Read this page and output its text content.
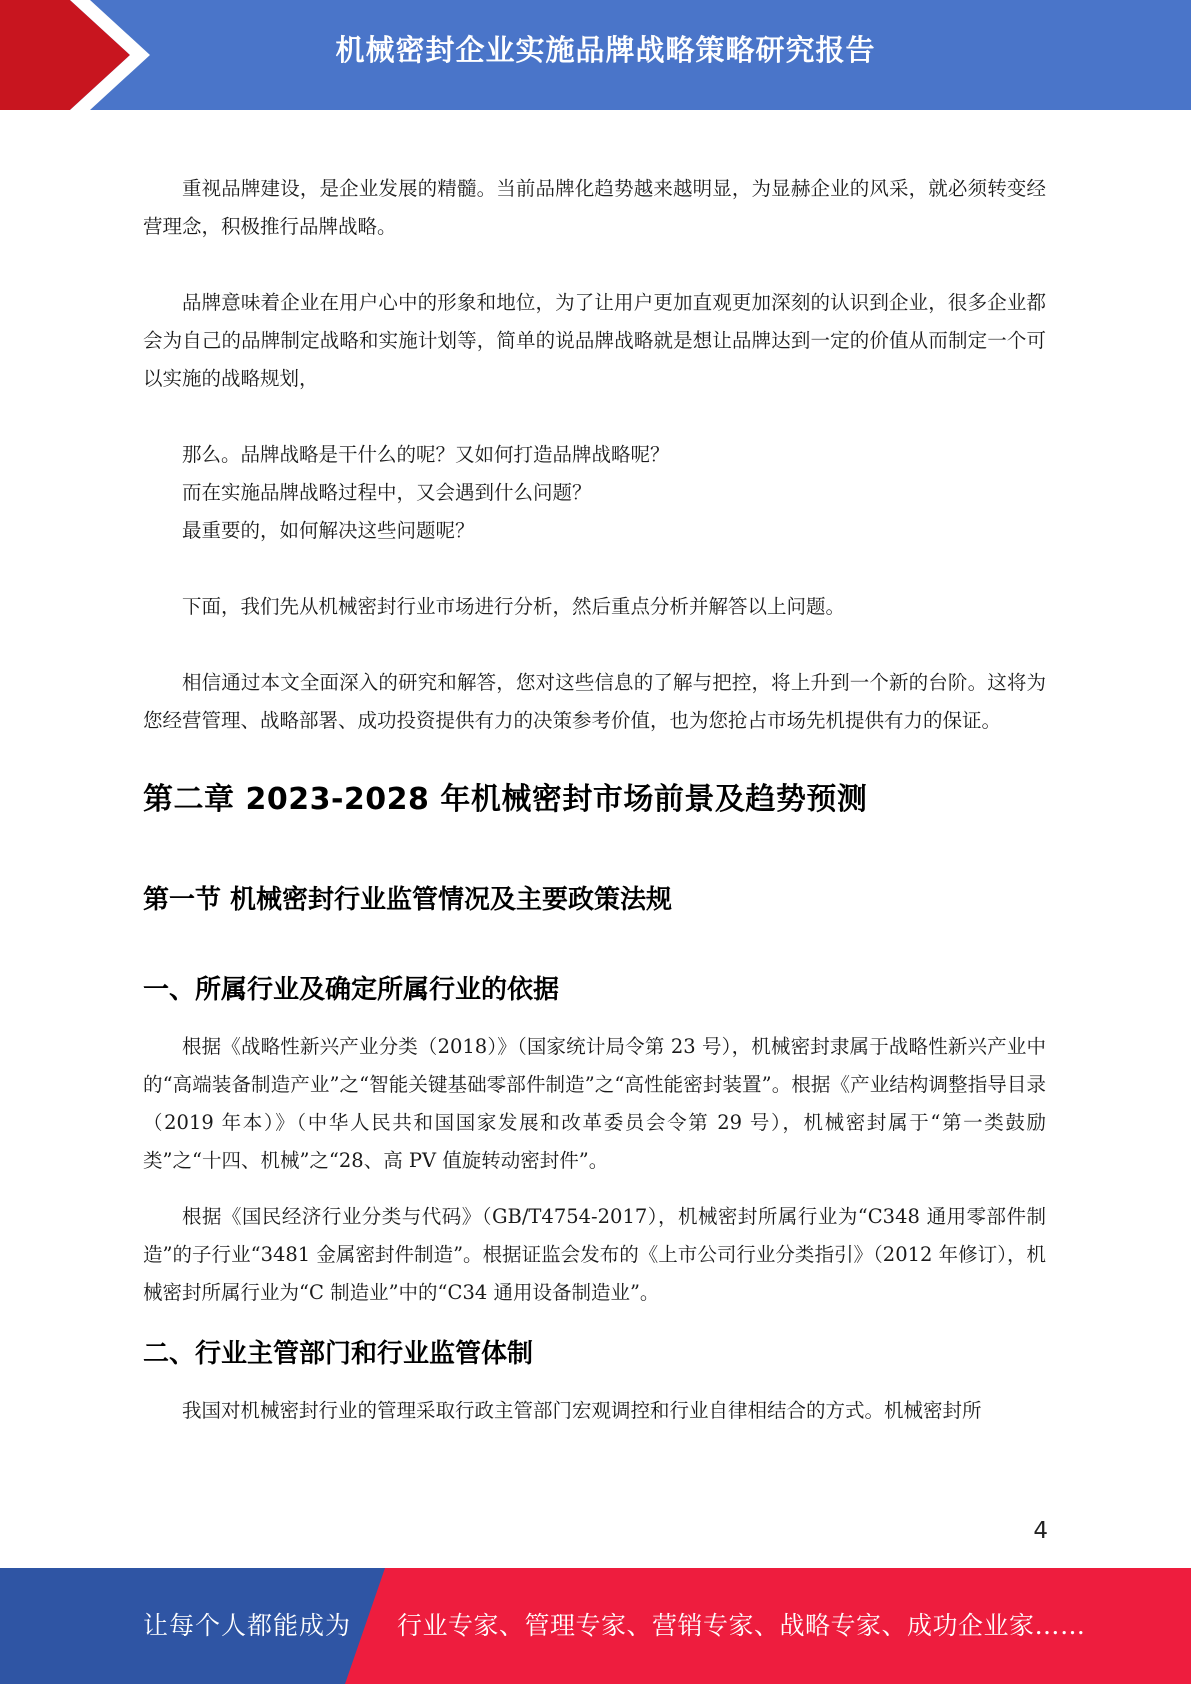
机械密封企业实施品牌战略策略研究报告

重视品牌建设，是企业发展的精髓。当前品牌化趋势越来越明显，为显赫企业的风采，就必须转变经营理念，积极推行品牌战略。

品牌意味着企业在用户心中的形象和地位，为了让用户更加直观更加深刻的认识到企业，很多企业都会为自己的品牌制定战略和实施计划等，简单的说品牌战略就是想让品牌达到一定的价值从而制定一个可以实施的战略规划，

那么。品牌战略是干什么的呢？又如何打造品牌战略呢？

而在实施品牌战略过程中，又会遇到什么问题？

最重要的，如何解决这些问题呢？

下面，我们先从机械密封行业市场进行分析，然后重点分析并解答以上问题。

相信通过本文全面深入的研究和解答，您对这些信息的了解与把控，将上升到一个新的台阶。这将为您经营管理、战略部署、成功投资提供有力的决策参考价值，也为您抢占市场先机提供有力的保证。

第二章 2023-2028 年机械密封市场前景及趋势预测
第一节 机械密封行业监管情况及主要政策法规
一、所属行业及确定所属行业的依据

根据《战略性新兴产业分类（2018）》（国家统计局令第 23 号），机械密封隶属于战略性新兴产业中的“高端装备制造产业”之“智能关键基础零部件制造”之“高性能密封装置”。根据《产业结构调整指导目录（2019 年本）》（中华人民共和国国家发展和改革委员会令第 29 号），机械密封属于“第一类鼓励类”之“十四、机械”之“28、高 PV 值旋转动密封件”。

根据《国民经济行业分类与代码》（GB/T4754-2017），机械密封所属行业为“C348 通用零部件制造”的子行业“3481 金属密封件制造”。根据证监会发布的《上市公司行业分类指引》（2012 年修订），机械密封所属行业为“C 制造业”中的“C34 通用设备制造业”。

二、行业主管部门和行业监管体制

我国对机械密封行业的管理采取行政主管部门宏观调控和行业自律相结合的方式。机械密封所

4
让每个人都能成为 行业专家、管理专家、营销专家、战略专家、成功企业家……
